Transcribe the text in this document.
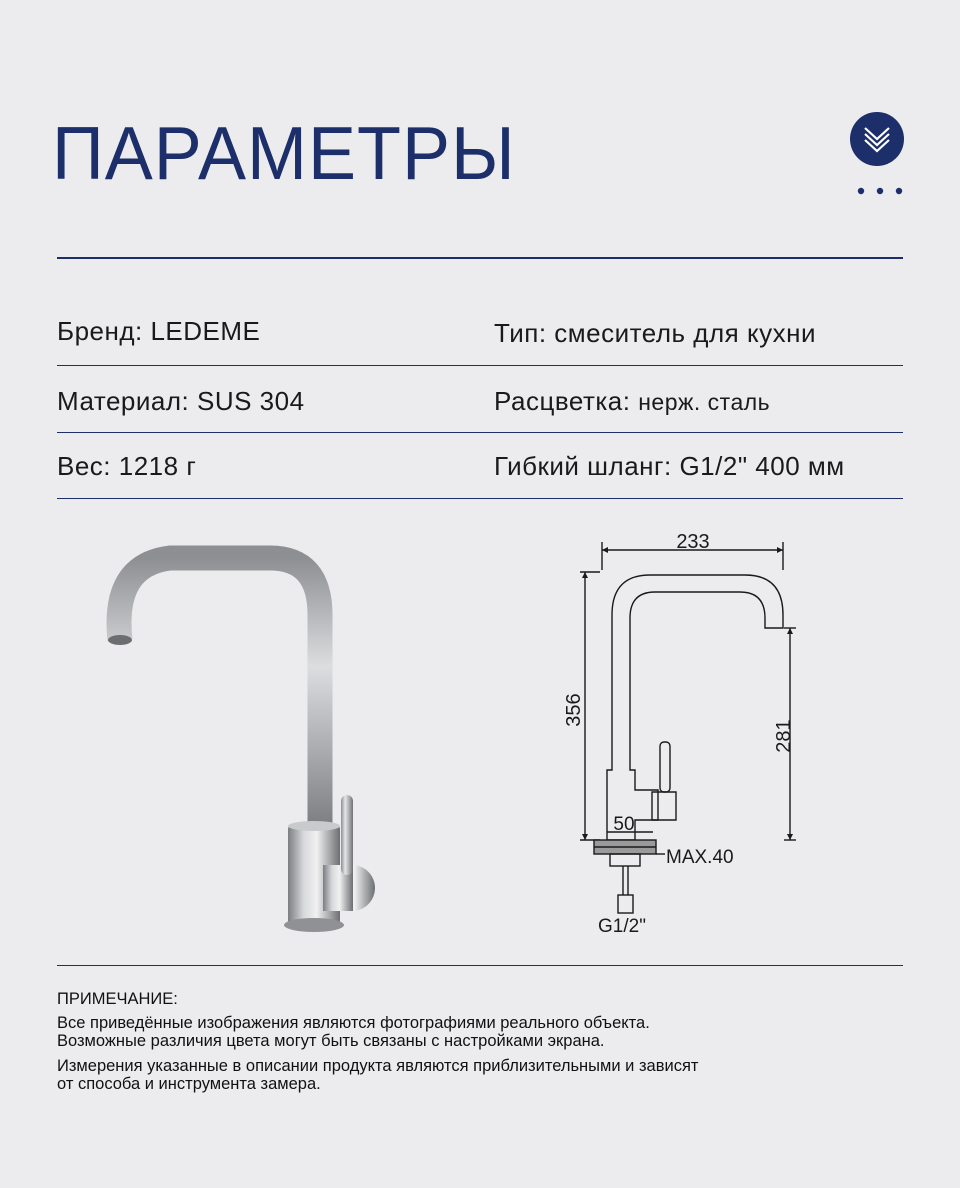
ПАРАМЕТРЫ
Бренд: LEDEME	Тип: смеситель для кухни
Материал: SUS 304	Расцветка: нерж. сталь
Вес: 1218 г	Гибкий шланг: G1/2" 400 мм
233
356
281
50
MAX.40
G1/2"

ПРИМЕЧАНИЕ:

Все приведённые изображения являются фотографиями реального объекта.

Возможные различия цвета могут быть связаны с настройками экрана.

Измерения указанные в описании продукта являются приблизительными и зависят

от способа и инструмента замера.
